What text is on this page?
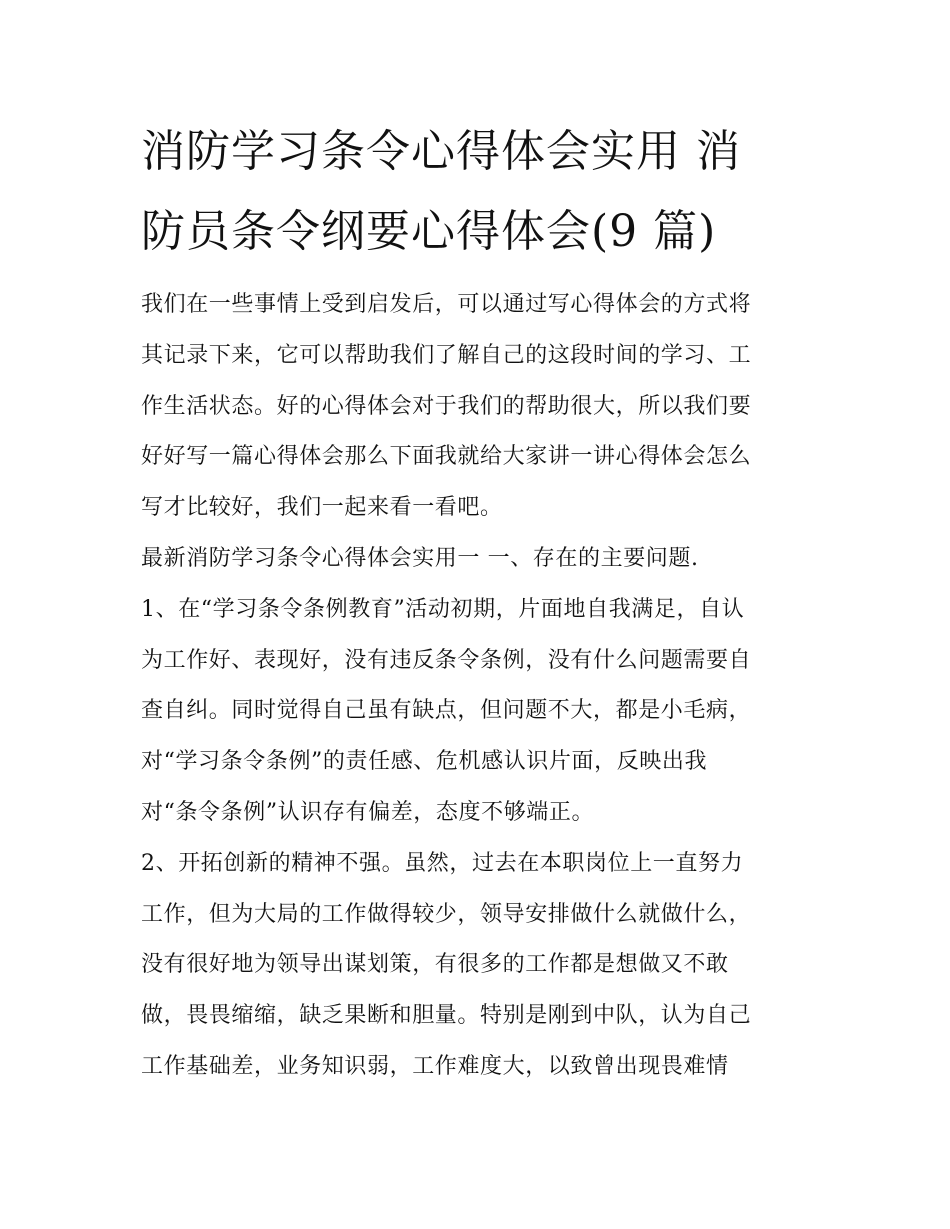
消防学习条令心得体会实用 消
防员条令纲要心得体会(9 篇)

我们在一些事情上受到启发后，可以通过写心得体会的方式将
其记录下来，它可以帮助我们了解自己的这段时间的学习、工
作生活状态。好的心得体会对于我们的帮助很大，所以我们要
好好写一篇心得体会那么下面我就给大家讲一讲心得体会怎么
写才比较好，我们一起来看一看吧。

最新消防学习条令心得体会实用一 一、存在的主要问题.

1、在“学习条令条例教育”活动初期，片面地自我满足，自认
为工作好、表现好，没有违反条令条例，没有什么问题需要自
查自纠。同时觉得自己虽有缺点，但问题不大，都是小毛病，
对“学习条令条例”的责任感、危机感认识片面，反映出我
对“条令条例”认识存有偏差，态度不够端正。

2、开拓创新的精神不强。虽然，过去在本职岗位上一直努力
工作，但为大局的工作做得较少，领导安排做什么就做什么，
没有很好地为领导出谋划策，有很多的工作都是想做又不敢
做，畏畏缩缩，缺乏果断和胆量。特别是刚到中队，认为自己
工作基础差，业务知识弱，工作难度大，以致曾出现畏难情
